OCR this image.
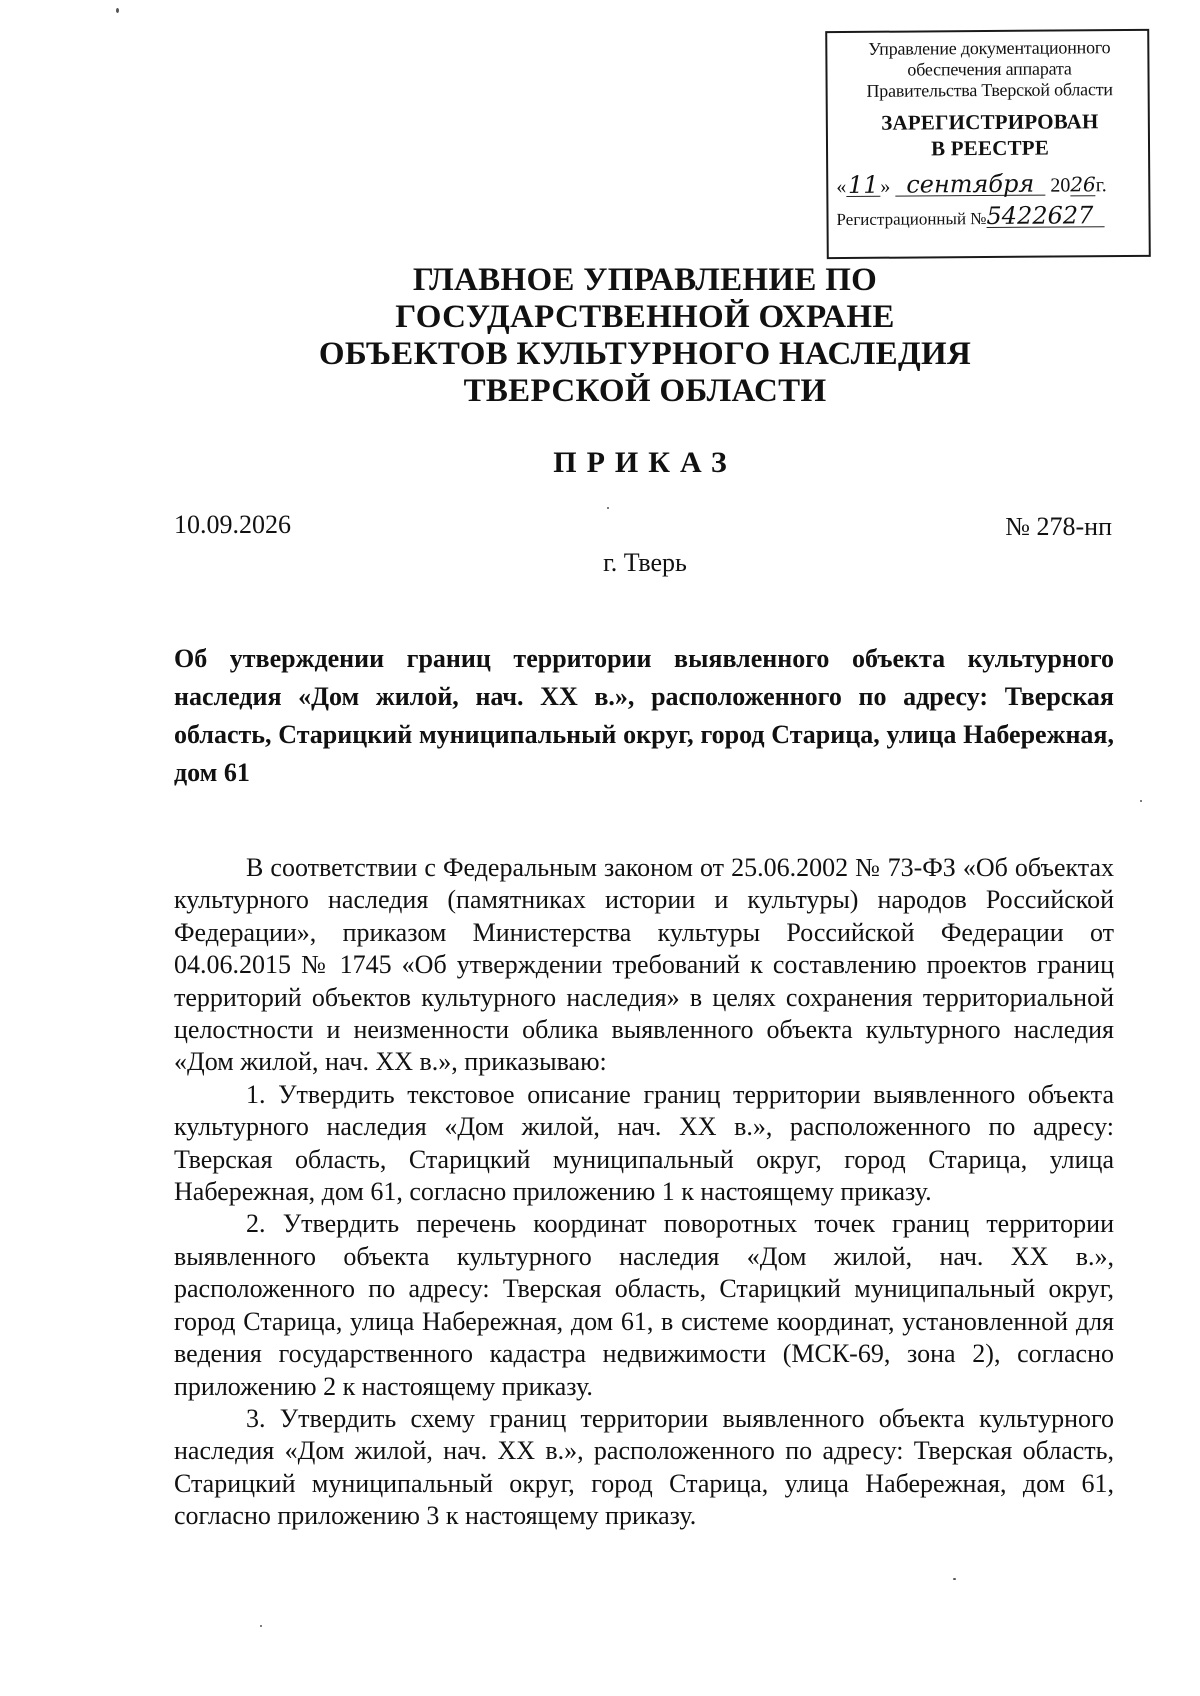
Управление документационного
обеспечения аппарата
Правительства Тверской области
ЗАРЕГИСТРИРОВАН
В РЕЕСТРЕ
«11» сентября 2026г.
Регистрационный №5422627
ГЛАВНОЕ УПРАВЛЕНИЕ ПО
ГОСУДАРСТВЕННОЙ ОХРАНЕ
ОБЪЕКТОВ КУЛЬТУРНОГО НАСЛЕДИЯ
ТВЕРСКОЙ ОБЛАСТИ
ПРИКАЗ
10.09.2026	№ 278-нп
г. Тверь
Об утверждении границ территории выявленного объекта культурного наследия «Дом жилой, нач. XX в.», расположенного по адресу: Тверская область, Старицкий муниципальный округ, город Старица, улица Набережная, дом 61

В соответствии с Федеральным законом от 25.06.2002 № 73-ФЗ «Об объектах культурного наследия (памятниках истории и культуры) народов Российской Федерации», приказом Министерства культуры Российской Федерации от 04.06.2015 № 1745 «Об утверждении требований к составлению проектов границ территорий объектов культурного наследия» в целях сохранения территориальной целостности и неизменности облика выявленного объекта культурного наследия «Дом жилой, нач. XX в.», приказываю:

1. Утвердить текстовое описание границ территории выявленного объекта культурного наследия «Дом жилой, нач. XX в.», расположенного по адресу: Тверская область, Старицкий муниципальный округ, город Старица, улица Набережная, дом 61, согласно приложению 1 к настоящему приказу.

2. Утвердить перечень координат поворотных точек границ территории выявленного объекта культурного наследия «Дом жилой, нач. XX в.», расположенного по адресу: Тверская область, Старицкий муниципальный округ, город Старица, улица Набережная, дом 61, в системе координат, установленной для ведения государственного кадастра недвижимости (МСК-69, зона 2), согласно приложению 2 к настоящему приказу.

3. Утвердить схему границ территории выявленного объекта культурного наследия «Дом жилой, нач. XX в.», расположенного по адресу: Тверская область, Старицкий муниципальный округ, город Старица, улица Набережная, дом 61, согласно приложению 3 к настоящему приказу.
